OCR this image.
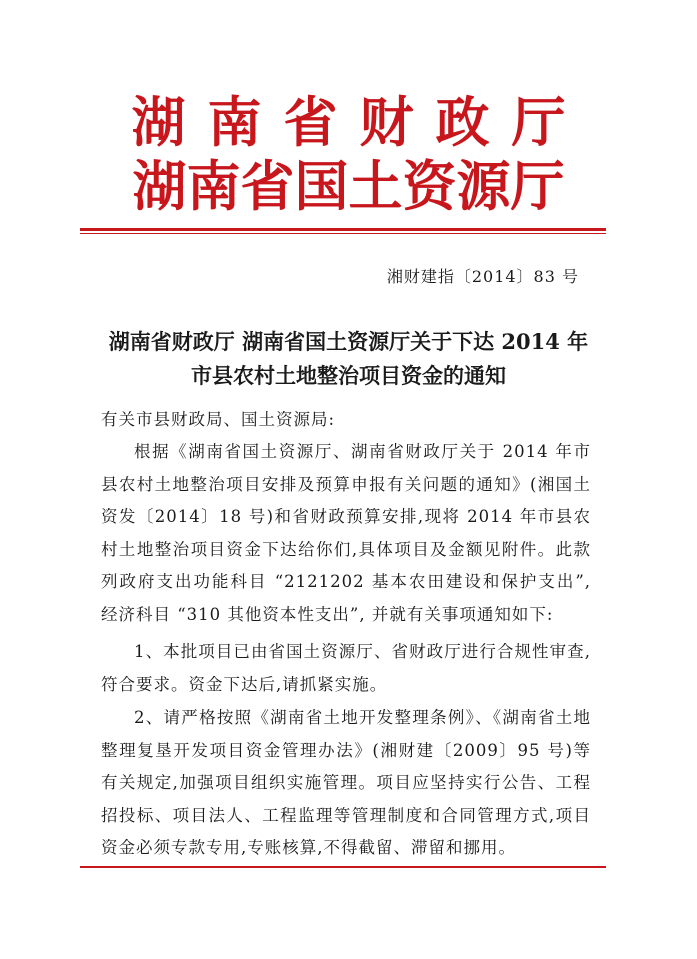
湖南省财政厅
湖南省国土资源厅
湘财建指〔2014〕83 号
湖南省财政厅 湖南省国土资源厅关于下达 2014 年
市县农村土地整治项目资金的通知
有关市县财政局、国土资源局:
根据《湖南省国土资源厅、湖南省财政厅关于 2014 年市县农村土地整治项目安排及预算申报有关问题的通知》(湘国土资发〔2014〕18 号)和省财政预算安排,现将 2014 年市县农村土地整治项目资金下达给你们,具体项目及金额见附件。此款列政府支出功能科目 “2121202 基本农田建设和保护支出”, 经济科目 “310 其他资本性支出”, 并就有关事项通知如下:
1、本批项目已由省国土资源厅、省财政厅进行合规性审查,符合要求。资金下达后,请抓紧实施。
2、请严格按照《湖南省土地开发整理条例》、《湖南省土地整理复垦开发项目资金管理办法》(湘财建〔2009〕95 号)等有关规定,加强项目组织实施管理。项目应坚持实行公告、工程招投标、项目法人、工程监理等管理制度和合同管理方式,项目资金必须专款专用,专账核算,不得截留、滞留和挪用。
